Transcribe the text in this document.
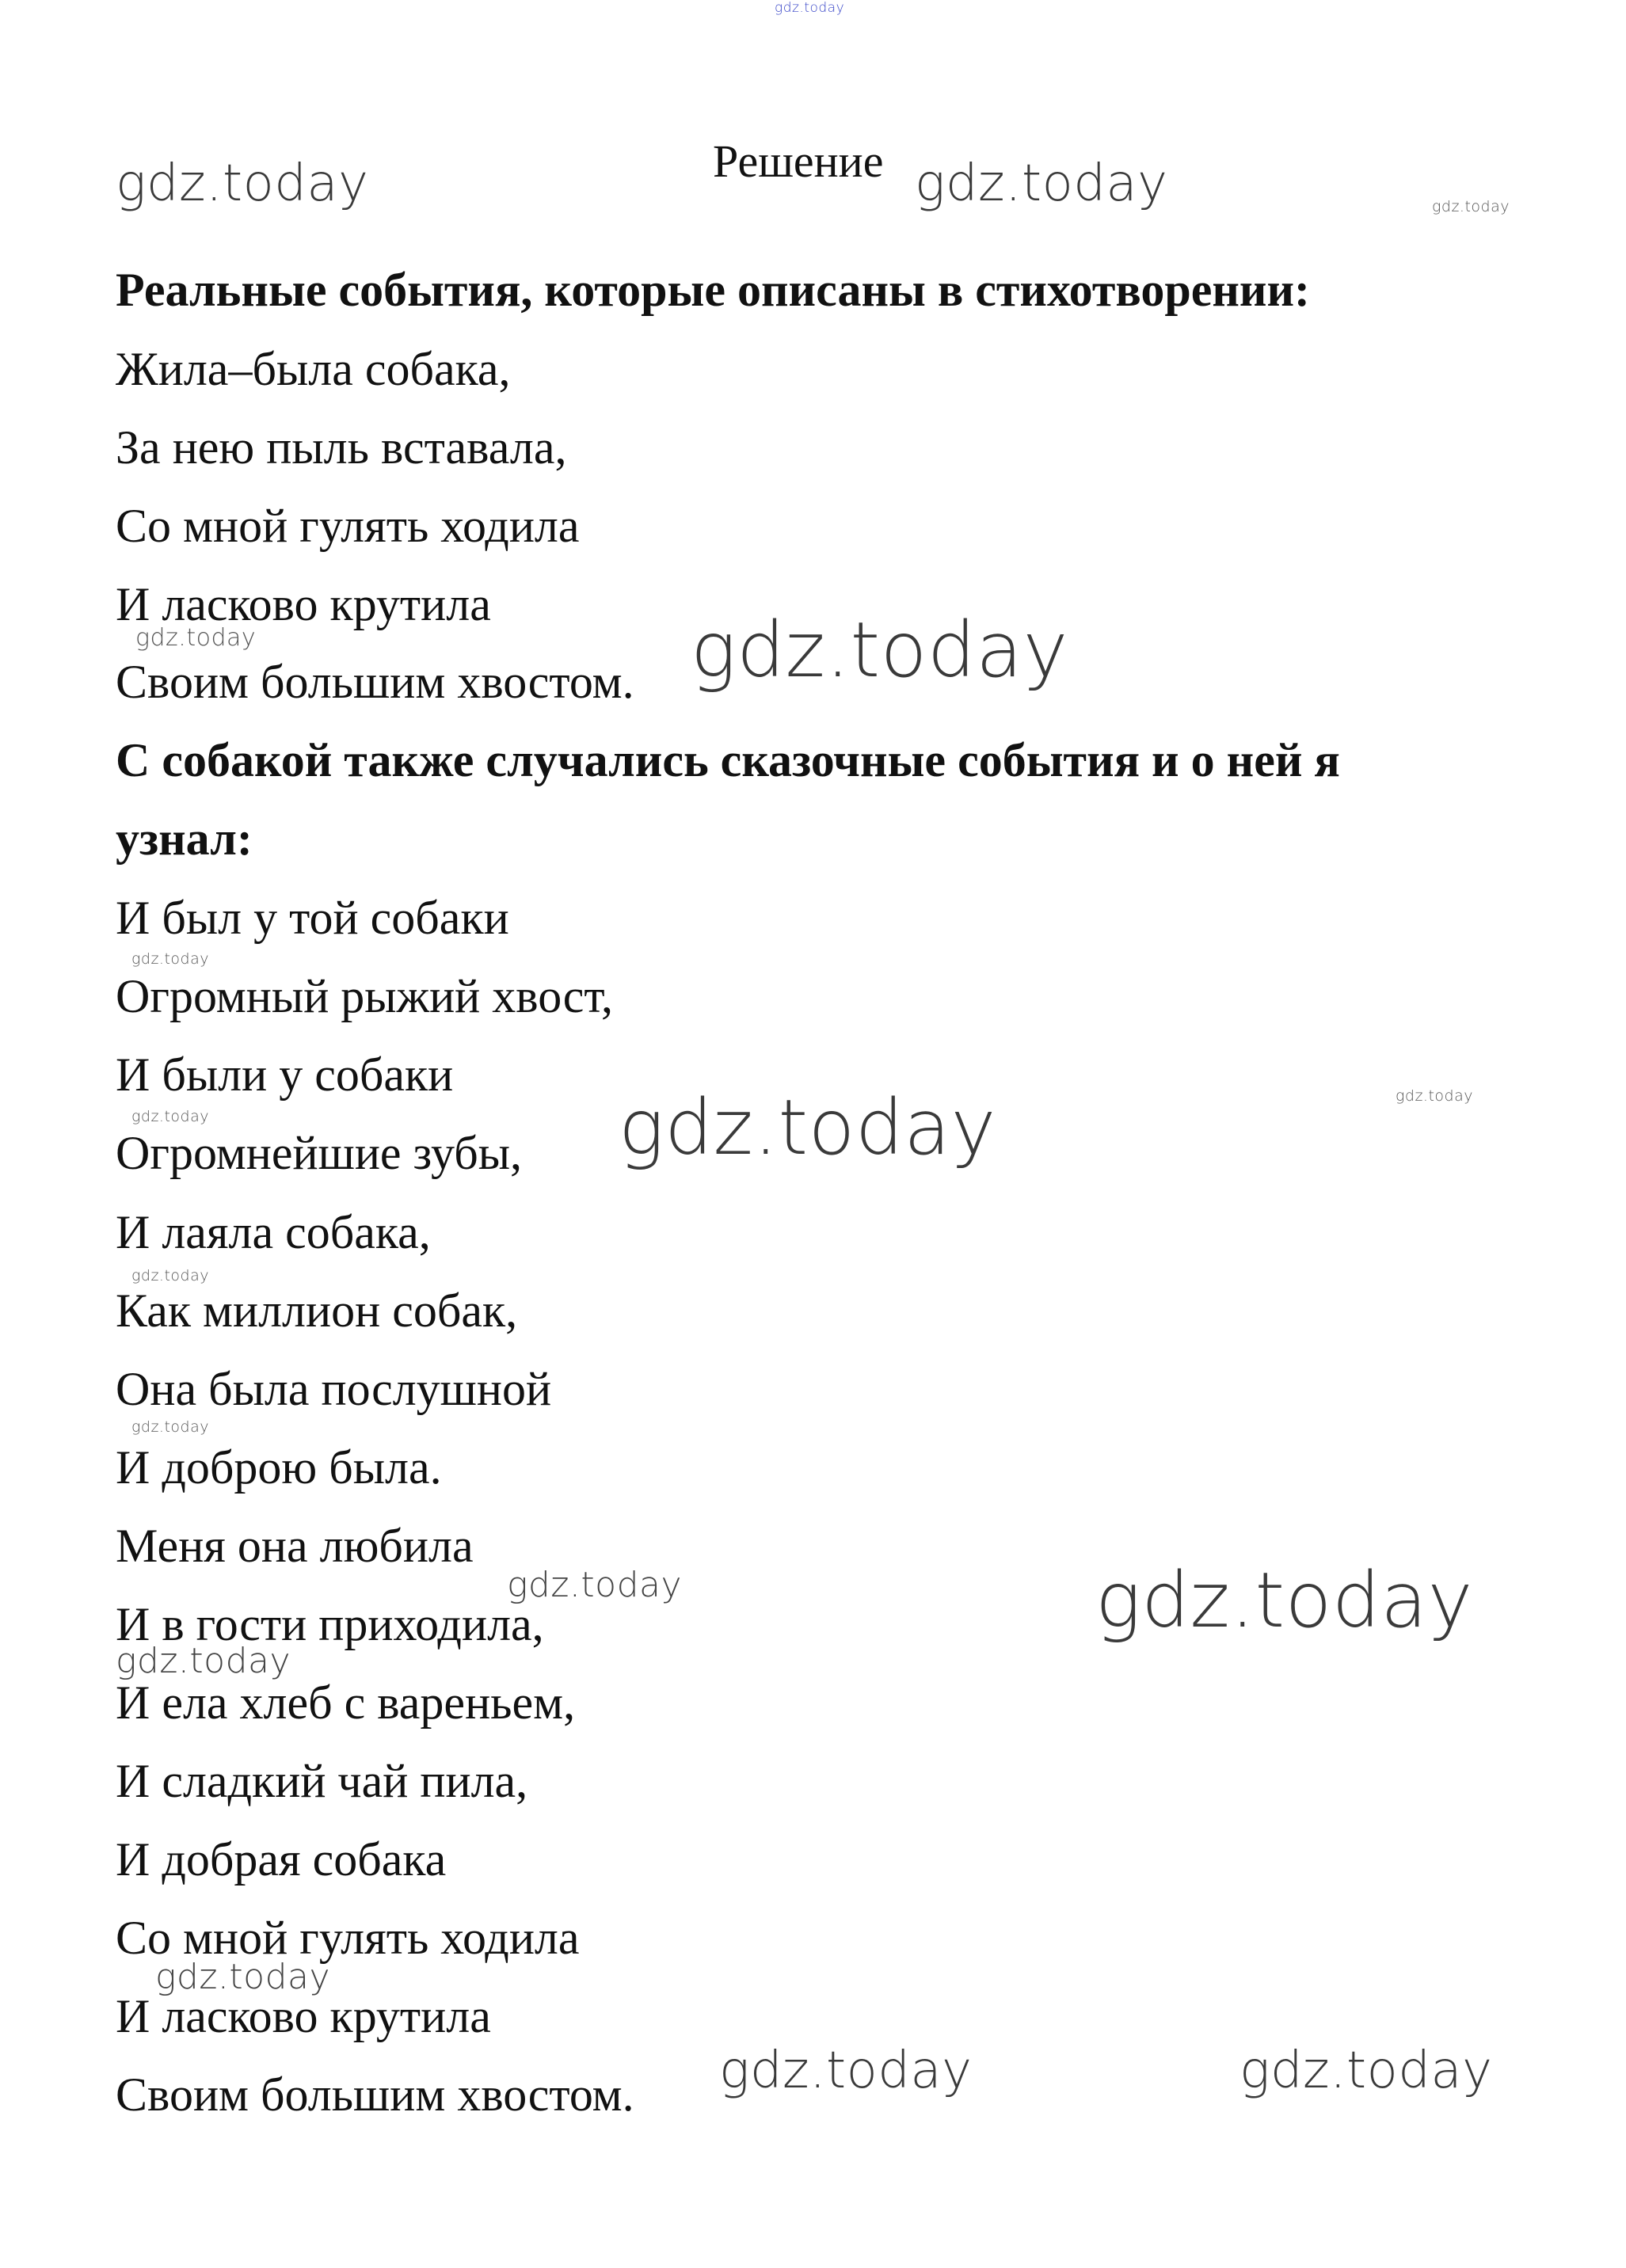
gdz.today
gdz.today	gdz.today	gdz.today
gdz.today	gdz.today
gdz.today
gdz.today	gdz.today	gdz.today
gdz.today
gdz.today
gdz.today	gdz.today
gdz.today
gdz.today
gdz.today	gdz.today
Решение
Реальные события, которые описаны в стихотворении:
Жила–была собака,
За нею пыль вставала,
Со мной гулять ходила
И ласково крутила
Своим большим хвостом.
С собакой также случались сказочные события и о ней я
узнал:
И был у той собаки
Огромный рыжий хвост,
И были у собаки
Огромнейшие зубы,
И лаяла собака,
Как миллион собак,
Она была послушной
И доброю была.
Меня она любила
И в гости приходила,
И ела хлеб с вареньем,
И сладкий чай пила,
И добрая собака
Со мной гулять ходила
И ласково крутила
Своим большим хвостом.
